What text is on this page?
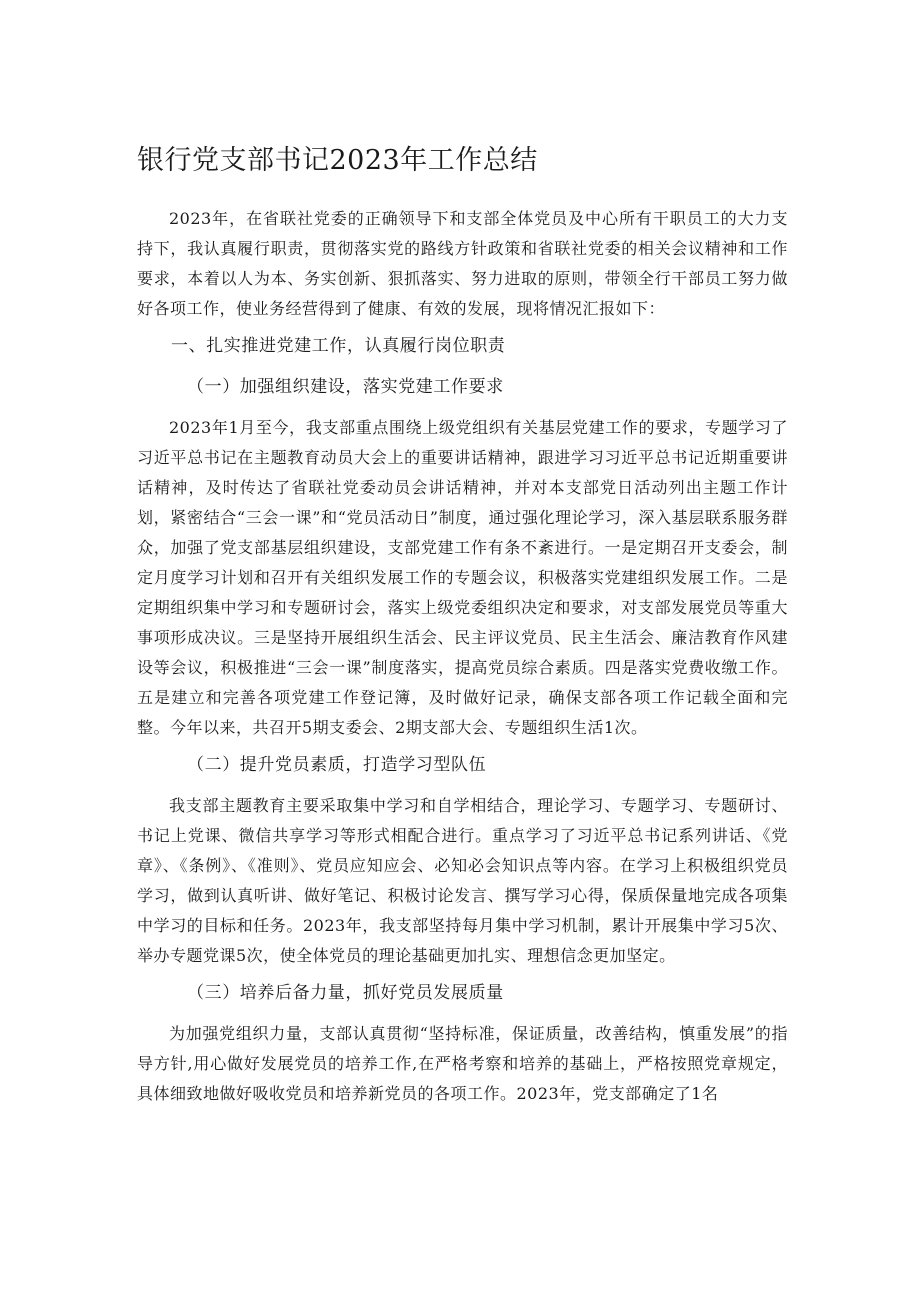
银行党支部书记2023年工作总结

2023年，在省联社党委的正确领导下和支部全体党员及中心所有干职员工的大力支持下，我认真履行职责，贯彻落实党的路线方针政策和省联社党委的相关会议精神和工作要求，本着以人为本、务实创新、狠抓落实、努力进取的原则，带领全行干部员工努力做好各项工作，使业务经营得到了健康、有效的发展，现将情况汇报如下：

一、扎实推进党建工作，认真履行岗位职责
（一）加强组织建设，落实党建工作要求

2023年1月至今，我支部重点围绕上级党组织有关基层党建工作的要求，专题学习了习近平总书记在主题教育动员大会上的重要讲话精神，跟进学习习近平总书记近期重要讲话精神，及时传达了省联社党委动员会讲话精神，并对本支部党日活动列出主题工作计划，紧密结合“三会一课”和“党员活动日”制度，通过强化理论学习，深入基层联系服务群众，加强了党支部基层组织建设，支部党建工作有条不紊进行。一是定期召开支委会，制定月度学习计划和召开有关组织发展工作的专题会议，积极落实党建组织发展工作。二是定期组织集中学习和专题研讨会，落实上级党委组织决定和要求，对支部发展党员等重大事项形成决议。三是坚持开展组织生活会、民主评议党员、民主生活会、廉洁教育作风建设等会议，积极推进“三会一课”制度落实，提高党员综合素质。四是落实党费收缴工作。五是建立和完善各项党建工作登记簿，及时做好记录，确保支部各项工作记载全面和完整。今年以来，共召开5期支委会、2期支部大会、专题组织生活1次。

（二）提升党员素质，打造学习型队伍

我支部主题教育主要采取集中学习和自学相结合，理论学习、专题学习、专题研讨、书记上党课、微信共享学习等形式相配合进行。重点学习了习近平总书记系列讲话、《党章》、《条例》、《准则》、党员应知应会、必知必会知识点等内容。在学习上积极组织党员学习，做到认真听讲、做好笔记、积极讨论发言、撰写学习心得，保质保量地完成各项集中学习的目标和任务。2023年，我支部坚持每月集中学习机制，累计开展集中学习5次、举办专题党课5次，使全体党员的理论基础更加扎实、理想信念更加坚定。

（三）培养后备力量，抓好党员发展质量

为加强党组织力量，支部认真贯彻“坚持标准，保证质量，改善结构，慎重发展”的指导方针,用心做好发展党员的培养工作,在严格考察和培养的基础上，严格按照党章规定，具体细致地做好吸收党员和培养新党员的各项工作。2023年，党支部确定了1名
